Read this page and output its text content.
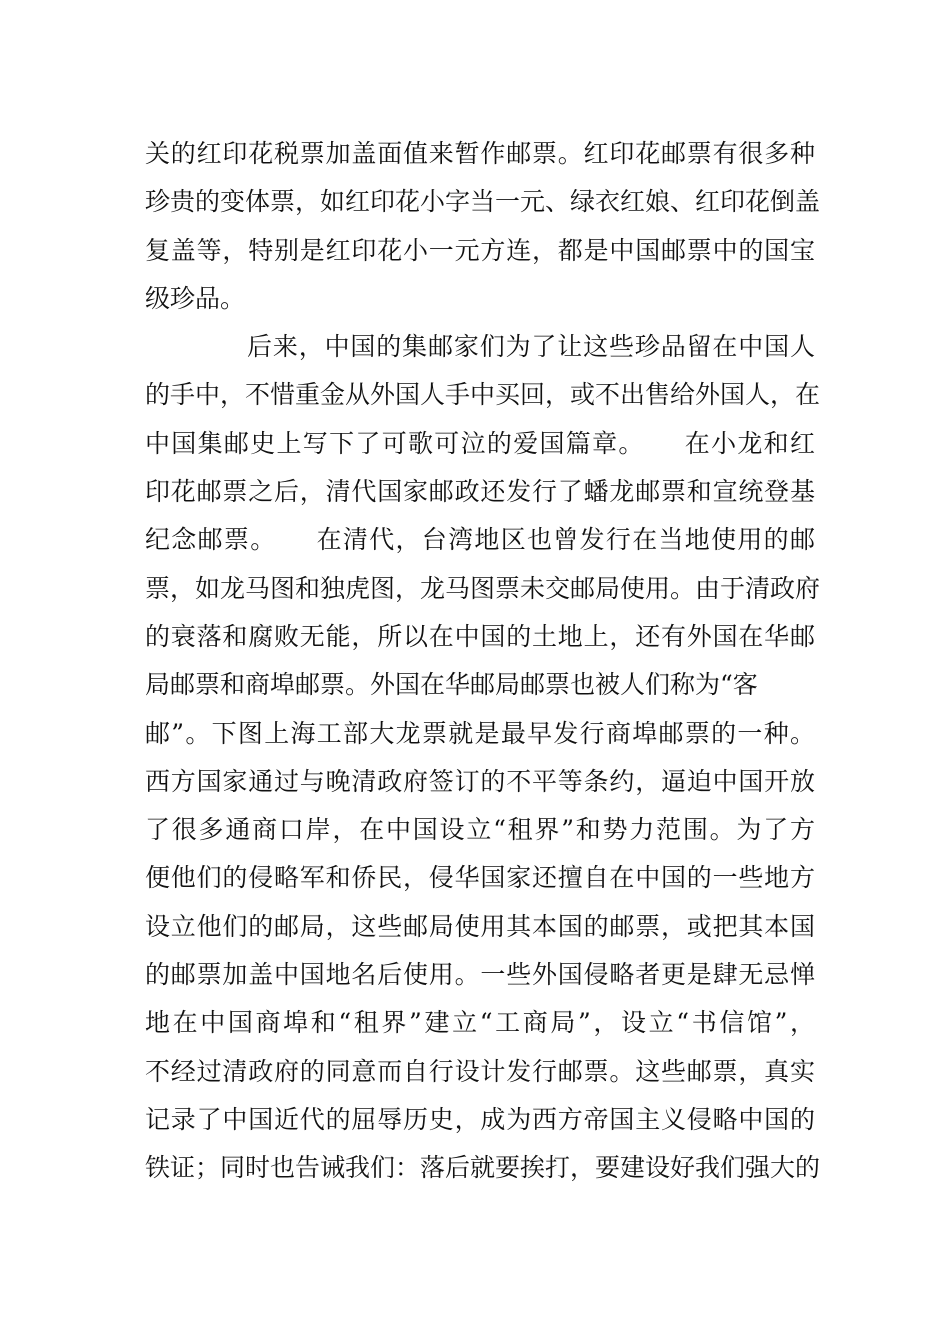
关的红印花税票加盖面值来暂作邮票。红印花邮票有很多种
珍贵的变体票，如红印花小字当一元、绿衣红娘、红印花倒盖
复盖等，特别是红印花小一元方连，都是中国邮票中的国宝
级珍品。
后来，中国的集邮家们为了让这些珍品留在中国人
的手中，不惜重金从外国人手中买回，或不出售给外国人，在
中国集邮史上写下了可歌可泣的爱国篇章。　　在小龙和红
印花邮票之后，清代国家邮政还发行了蟠龙邮票和宣统登基
纪念邮票。　　在清代，台湾地区也曾发行在当地使用的邮
票，如龙马图和独虎图，龙马图票未交邮局使用。由于清政府
的衰落和腐败无能，所以在中国的土地上，还有外国在华邮
局邮票和商埠邮票。外国在华邮局邮票也被人们称为“客
邮”。下图上海工部大龙票就是最早发行商埠邮票的一种。
西方国家通过与晚清政府签订的不平等条约，逼迫中国开放
了很多通商口岸，在中国设立“租界”和势力范围。为了方
便他们的侵略军和侨民，侵华国家还擅自在中国的一些地方
设立他们的邮局，这些邮局使用其本国的邮票，或把其本国
的邮票加盖中国地名后使用。一些外国侵略者更是肆无忌惮
地在中国商埠和“租界”建立“工商局”，设立“书信馆”，
不经过清政府的同意而自行设计发行邮票。这些邮票，真实
记录了中国近代的屈辱历史，成为西方帝国主义侵略中国的
铁证；同时也告诫我们：落后就要挨打，要建设好我们强大的
